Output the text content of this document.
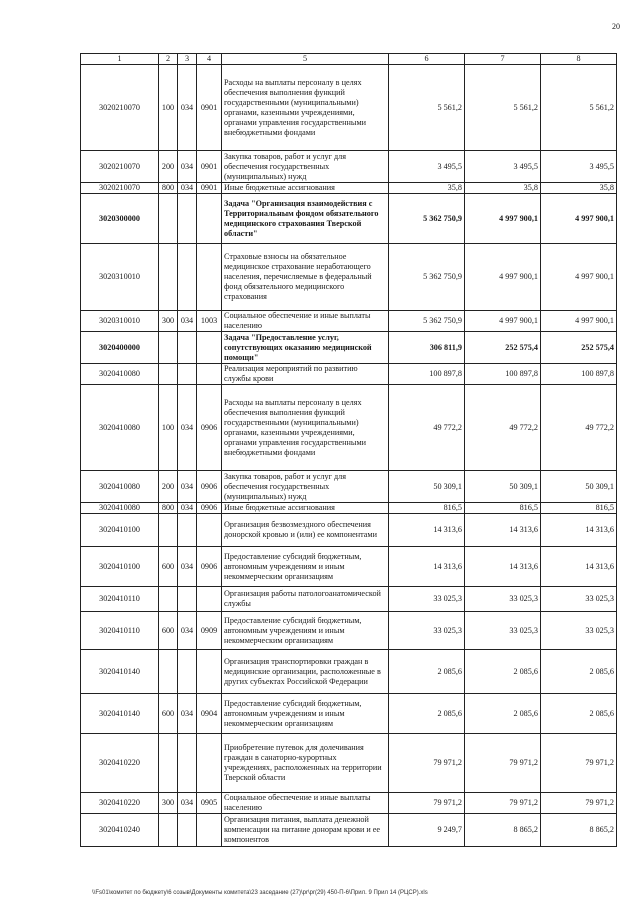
20
1	2	3	4	5	6	7	8
3020210070	100	034	0901	Расходы на выплаты персоналу в целях обеспечения выполнения функций государственными (муниципальными) органами, казенными учреждениями, органами управления государственными внебюджетными фондами	5 561,2	5 561,2	5 561,2
3020210070	200	034	0901	Закупка товаров, работ и услуг для обеспечения государственных (муниципальных) нужд	3 495,5	3 495,5	3 495,5
3020210070	800	034	0901	Иные бюджетные ассигнования	35,8	35,8	35,8
3020300000				Задача "Организация взаимодействия с Территориальным фондом обязательного медицинского страхования Тверской области"	5 362 750,9	4 997 900,1	4 997 900,1
3020310010				Страховые взносы на обязательное медицинское страхование неработающего населения, перечисляемые в федеральный фонд обязательного медицинского страхования	5 362 750,9	4 997 900,1	4 997 900,1
3020310010	300	034	1003	Социальное обеспечение и иные выплаты населению	5 362 750,9	4 997 900,1	4 997 900,1
3020400000				Задача "Предоставление услуг, сопутствующих оказанию медицинской помощи"	306 811,9	252 575,4	252 575,4
3020410080				Реализация мероприятий по развитию службы крови	100 897,8	100 897,8	100 897,8
3020410080	100	034	0906	Расходы на выплаты персоналу в целях обеспечения выполнения функций государственными (муниципальными) органами, казенными учреждениями, органами управления государственными внебюджетными фондами	49 772,2	49 772,2	49 772,2
3020410080	200	034	0906	Закупка товаров, работ и услуг для обеспечения государственных (муниципальных) нужд	50 309,1	50 309,1	50 309,1
3020410080	800	034	0906	Иные бюджетные ассигнования	816,5	816,5	816,5
3020410100				Организация безвозмездного обеспечения донорской кровью и (или) ее компонентами	14 313,6	14 313,6	14 313,6
3020410100	600	034	0906	Предоставление субсидий бюджетным, автономным учреждениям и иным некоммерческим организациям	14 313,6	14 313,6	14 313,6
3020410110				Организация работы патологоанатомической службы	33 025,3	33 025,3	33 025,3
3020410110	600	034	0909	Предоставление субсидий бюджетным, автономным учреждениям и иным некоммерческим организациям	33 025,3	33 025,3	33 025,3
3020410140				Организация транспортировки граждан в медицинские организации, расположенные в других субъектах Российской Федерации	2 085,6	2 085,6	2 085,6
3020410140	600	034	0904	Предоставление субсидий бюджетным, автономным учреждениям и иным некоммерческим организациям	2 085,6	2 085,6	2 085,6
3020410220				Приобретение путевок для долечивания граждан в санаторно-курортных учреждениях, расположенных на территории Тверской области	79 971,2	79 971,2	79 971,2
3020410220	300	034	0905	Социальное обеспечение и иные выплаты населению	79 971,2	79 971,2	79 971,2
3020410240				Организация питания, выплата денежной компенсации на питание донорам крови и ее компонентов	9 249,7	8 865,2	8 865,2
\\Fs01\комитет по бюджету\6 созыв\Документы комитета\23 заседание (27)\pr\pr(29) 450-П-6\Прил. 9 Прил 14 (РЦСР).xls
